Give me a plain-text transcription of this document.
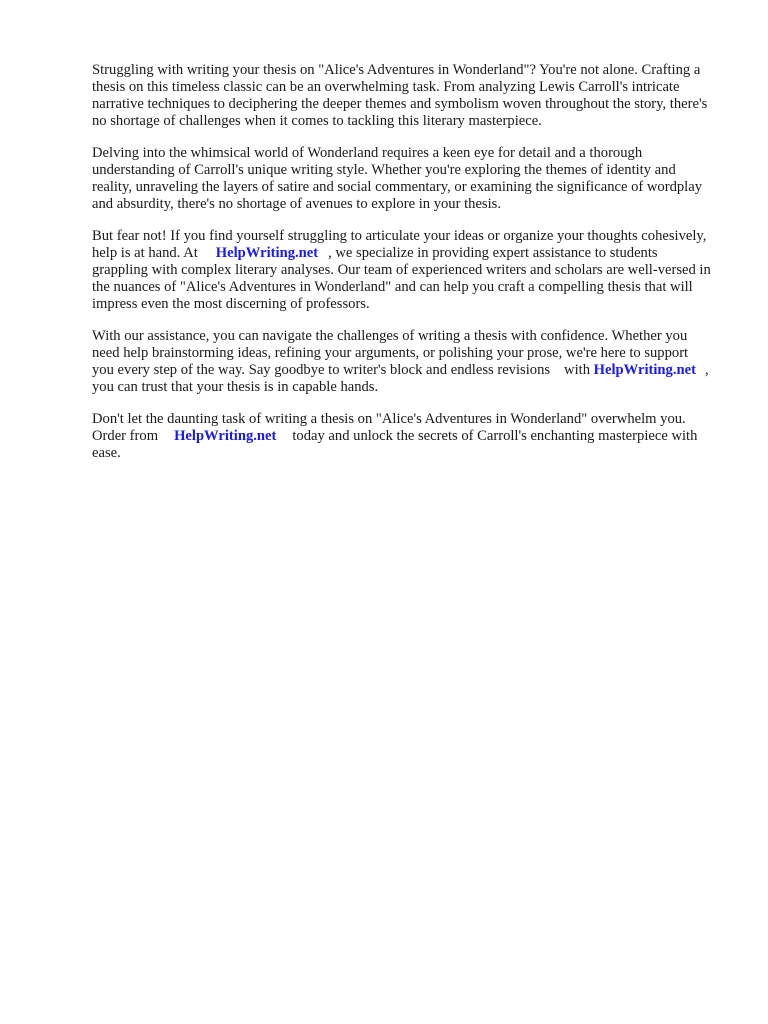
Struggling with writing your thesis on "Alice's Adventures in Wonderland"? You're not alone. Crafting a thesis on this timeless classic can be an overwhelming task. From analyzing Lewis Carroll's intricate narrative techniques to deciphering the deeper themes and symbolism woven throughout the story, there's no shortage of challenges when it comes to tackling this literary masterpiece.

Delving into the whimsical world of Wonderland requires a keen eye for detail and a thorough understanding of Carroll's unique writing style. Whether you're exploring the themes of identity and reality, unraveling the layers of satire and social commentary, or examining the significance of wordplay and absurdity, there's no shortage of avenues to explore in your thesis.

But fear not! If you find yourself struggling to articulate your ideas or organize your thoughts cohesively, help is at hand. At HelpWriting.net , we specialize in providing expert assistance to students grappling with complex literary analyses. Our team of experienced writers and scholars are well-versed in the nuances of "Alice's Adventures in Wonderland" and can help you craft a compelling thesis that will impress even the most discerning of professors.

With our assistance, you can navigate the challenges of writing a thesis with confidence. Whether you need help brainstorming ideas, refining your arguments, or polishing your prose, we're here to support you every step of the way. Say goodbye to writer's block and endless revisions with HelpWriting.net , you can trust that your thesis is in capable hands.

Don't let the daunting task of writing a thesis on "Alice's Adventures in Wonderland" overwhelm you. Order from HelpWriting.net today and unlock the secrets of Carroll's enchanting masterpiece with ease.
